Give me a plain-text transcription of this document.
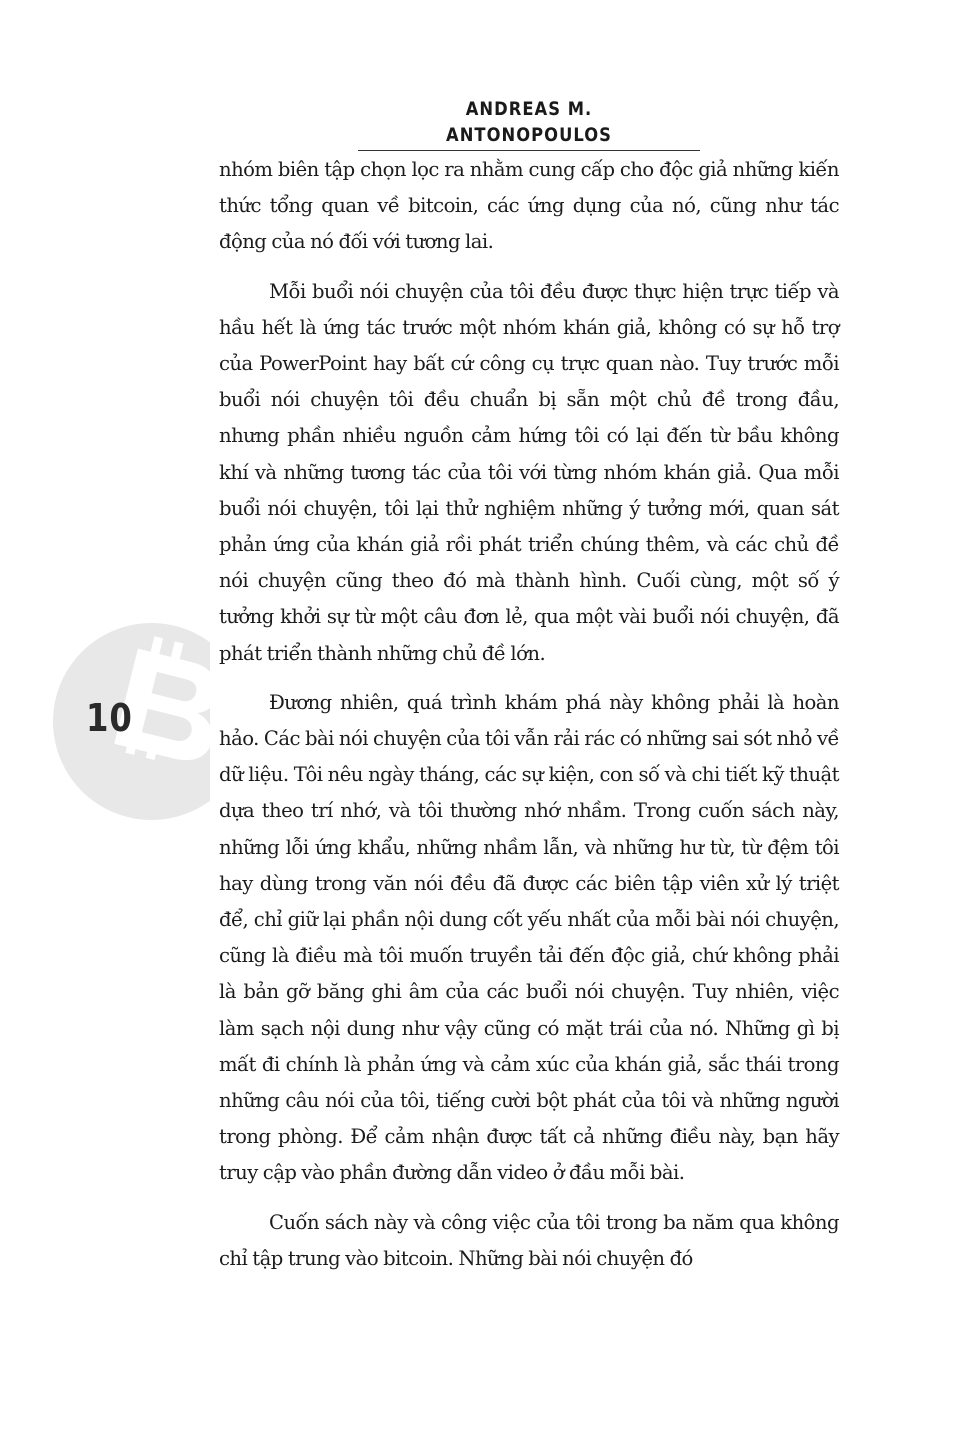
ANDREAS M. ANTONOPOULOS
10

nhóm biên tập chọn lọc ra nhằm cung cấp cho độc giả những kiến thức tổng quan về bitcoin, các ứng dụng của nó, cũng như tác động của nó đối với tương lai.

Mỗi buổi nói chuyện của tôi đều được thực hiện trực tiếp và hầu hết là ứng tác trước một nhóm khán giả, không có sự hỗ trợ của PowerPoint hay bất cứ công cụ trực quan nào. Tuy trước mỗi buổi nói chuyện tôi đều chuẩn bị sẵn một chủ đề trong đầu, nhưng phần nhiều nguồn cảm hứng tôi có lại đến từ bầu không khí và những tương tác của tôi với từng nhóm khán giả. Qua mỗi buổi nói chuyện, tôi lại thử nghiệm những ý tưởng mới, quan sát phản ứng của khán giả rồi phát triển chúng thêm, và các chủ đề nói chuyện cũng theo đó mà thành hình. Cuối cùng, một số ý tưởng khởi sự từ một câu đơn lẻ, qua một vài buổi nói chuyện, đã phát triển thành những chủ đề lớn.

Đương nhiên, quá trình khám phá này không phải là hoàn hảo. Các bài nói chuyện của tôi vẫn rải rác có những sai sót nhỏ về dữ liệu. Tôi nêu ngày tháng, các sự kiện, con số và chi tiết kỹ thuật dựa theo trí nhớ, và tôi thường nhớ nhầm. Trong cuốn sách này, những lỗi ứng khẩu, những nhầm lẫn, và những hư từ, từ đệm tôi hay dùng trong văn nói đều đã được các biên tập viên xử lý triệt để, chỉ giữ lại phần nội dung cốt yếu nhất của mỗi bài nói chuyện, cũng là điều mà tôi muốn truyền tải đến độc giả, chứ không phải là bản gỡ băng ghi âm của các buổi nói chuyện. Tuy nhiên, việc làm sạch nội dung như vậy cũng có mặt trái của nó. Những gì bị mất đi chính là phản ứng và cảm xúc của khán giả, sắc thái trong những câu nói của tôi, tiếng cười bột phát của tôi và những người trong phòng. Để cảm nhận được tất cả những điều này, bạn hãy truy cập vào phần đường dẫn video ở đầu mỗi bài.

Cuốn sách này và công việc của tôi trong ba năm qua không chỉ tập trung vào bitcoin. Những bài nói chuyện đó
